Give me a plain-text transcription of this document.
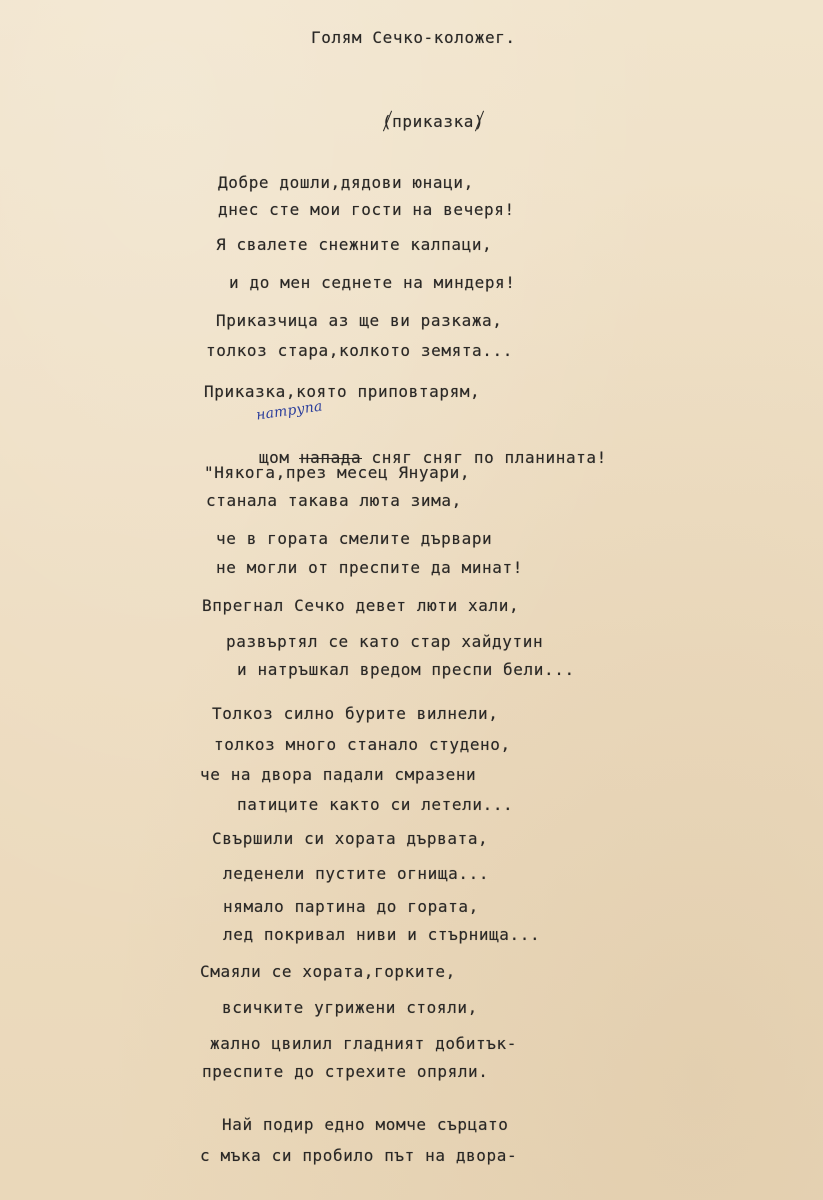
Голям Сечко-коложег.

(приказка)

Добре дошли,дядови юнаци,
днес сте мои гости на вечеря!
Я свалете снежните калпаци,
и до мен седнете на миндеря!
Приказчица аз ще ви разкажа,
толкоз стара,колкото земята...
Приказка,която приповтарям,
натрупа

щом нападa сняг сняг по планината!

"Някога,през месец Януари,
станала такава люта зима,
че в гората смелите дървари
не могли от преспите да минат!
Впрегнал Сечко девет люти хали,
развъртял се като стар хайдутин
и натръшкал вредом преспи бели...
Толкоз силно бурите вилнели,
толкоз много станало студено,
че на двора падали смразени
патиците както си летели...
Свършили си хората дървата,
леденели пустите огнища...
нямало партина до гората,
лед покривал ниви и стърнища...
Смаяли се хората,горките,
всичките угрижени стояли,
жално цвилил гладният добитък-
преспите до стрехите опряли.
Най подир едно момче сърцато
с мъка си пробило път на двора-
